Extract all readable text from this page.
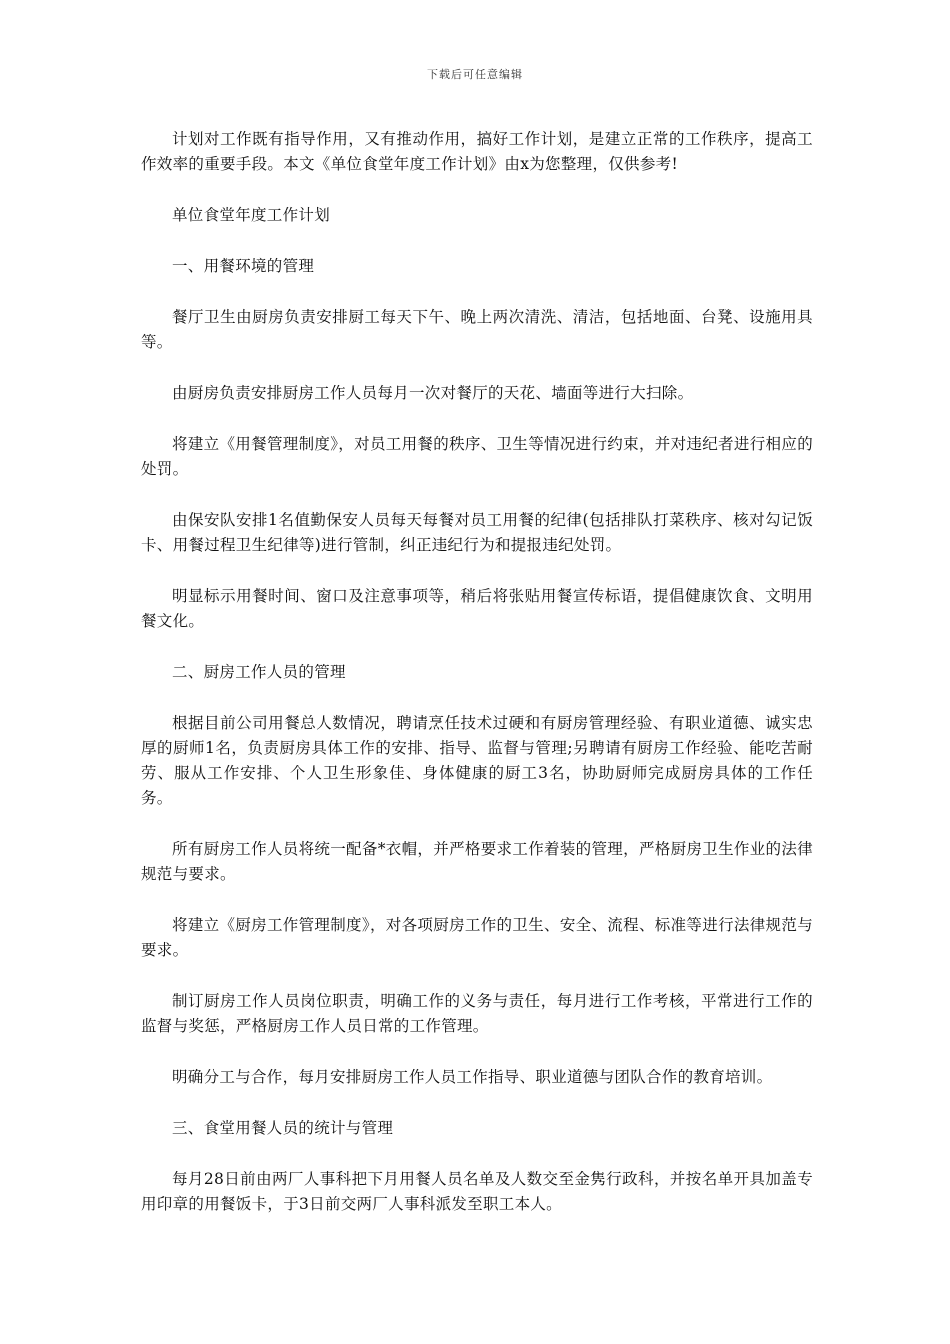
下载后可任意编辑

计划对工作既有指导作用，又有推动作用，搞好工作计划，是建立正常的工作秩序，提高工作效率的重要手段。本文《单位食堂年度工作计划》由x为您整理，仅供参考!

单位食堂年度工作计划

一、用餐环境的管理

餐厅卫生由厨房负责安排厨工每天下午、晚上两次清洗、清洁，包括地面、台凳、设施用具等。

由厨房负责安排厨房工作人员每月一次对餐厅的天花、墙面等进行大扫除。

将建立《用餐管理制度》，对员工用餐的秩序、卫生等情况进行约束，并对违纪者进行相应的处罚。

由保安队安排1名值勤保安人员每天每餐对员工用餐的纪律(包括排队打菜秩序、核对勾记饭卡、用餐过程卫生纪律等)进行管制，纠正违纪行为和提报违纪处罚。

明显标示用餐时间、窗口及注意事项等，稍后将张贴用餐宣传标语，提倡健康饮食、文明用餐文化。

二、厨房工作人员的管理

根据目前公司用餐总人数情况，聘请烹任技术过硬和有厨房管理经验、有职业道德、诚实忠厚的厨师1名，负责厨房具体工作的安排、指导、监督与管理;另聘请有厨房工作经验、能吃苦耐劳、服从工作安排、个人卫生形象佳、身体健康的厨工3名，协助厨师完成厨房具体的工作任务。

所有厨房工作人员将统一配备*衣帽，并严格要求工作着装的管理，严格厨房卫生作业的法律规范与要求。

将建立《厨房工作管理制度》，对各项厨房工作的卫生、安全、流程、标准等进行法律规范与要求。

制订厨房工作人员岗位职责，明确工作的义务与责任，每月进行工作考核，平常进行工作的监督与奖惩，严格厨房工作人员日常的工作管理。

明确分工与合作，每月安排厨房工作人员工作指导、职业道德与团队合作的教育培训。

三、食堂用餐人员的统计与管理

每月28日前由两厂人事科把下月用餐人员名单及人数交至金隽行政科，并按名单开具加盖专用印章的用餐饭卡，于3日前交两厂人事科派发至职工本人。
